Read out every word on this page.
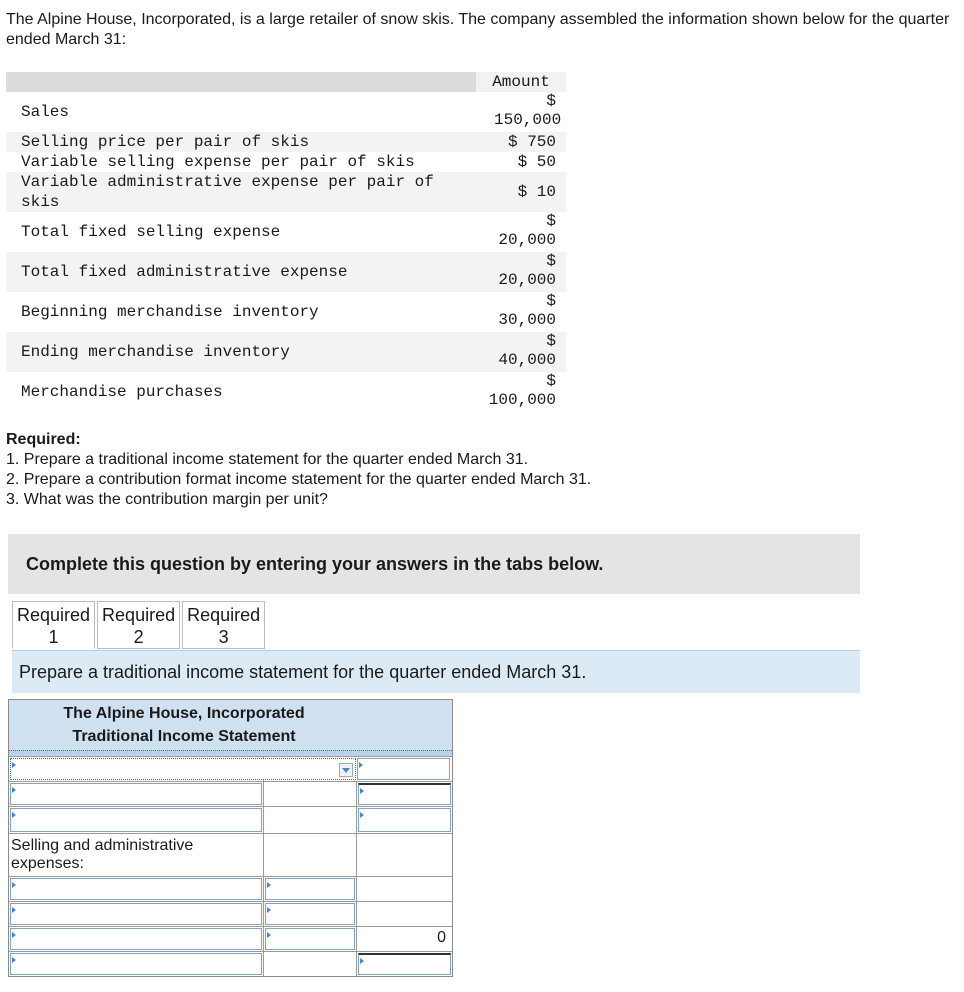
The Alpine House, Incorporated, is a large retailer of snow skis. The company assembled the information shown below for the quarter ended March 31:
	Amount
Sales	$ 150,000

Selling price per pair of skis	$ 750
Variable selling expense per pair of skis	$ 50

Variable administrative expense per pair of skis	$ 10
Total fixed selling expense	$ 20,000

Total fixed administrative expense	$ 20,000

Beginning merchandise inventory	$ 30,000

Ending merchandise inventory	$ 40,000

Merchandise purchases	$ 100,000
Required:
1. Prepare a traditional income statement for the quarter ended March 31.
2. Prepare a contribution format income statement for the quarter ended March 31.
3. What was the contribution margin per unit?
Complete this question by entering your answers in the tabs below.
Required
1
Required
2
Required
3
Prepare a traditional income statement for the quarter ended March 31.
The Alpine House, Incorporated
Traditional Income Statement
Selling and administrative expenses:
0
